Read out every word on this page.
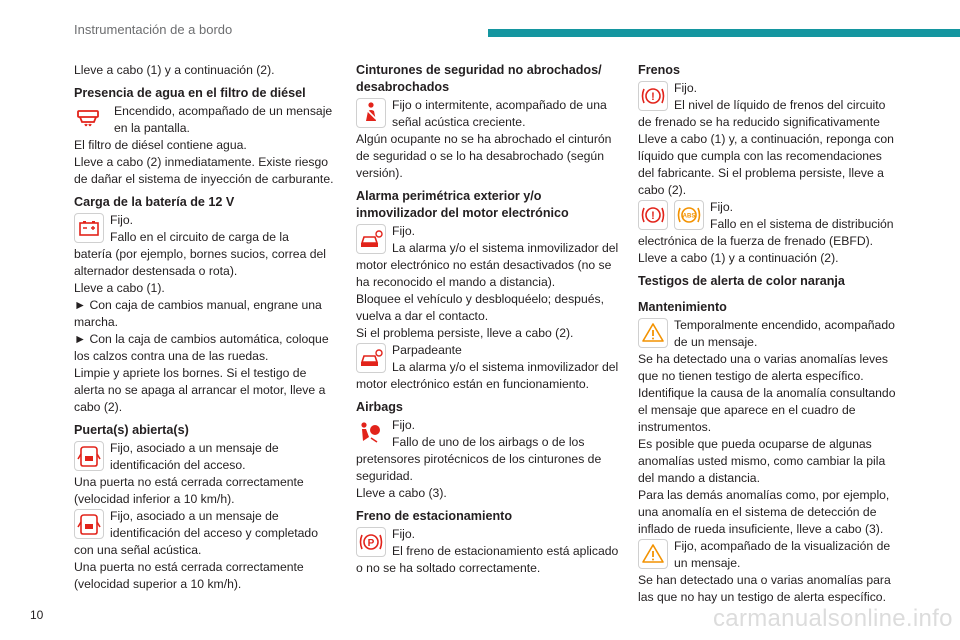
Instrumentación de a bordo

Lleve a cabo (1) y a continuación (2).

Presencia de agua en el filtro de diésel

Encendido, acompañado de un mensaje

en la pantalla.

El filtro de diésel contiene agua.

Lleve a cabo (2) inmediatamente. Existe riesgo

de dañar el sistema de inyección de carburante.

Carga de la batería de 12 V

Fijo.

Fallo en el circuito de carga de la

batería (por ejemplo, bornes sucios, correa del

alternador destensada o rota).

Lleve a cabo (1).

► Con caja de cambios manual, engrane una

marcha.

► Con la caja de cambios automática, coloque

los calzos contra una de las ruedas.

Limpie y apriete los bornes. Si el testigo de

alerta no se apaga al arrancar el motor, lleve a

cabo (2).

Puerta(s) abierta(s)

Fijo, asociado a un mensaje de

identificación del acceso.

Una puerta no está cerrada correctamente

(velocidad inferior a 10 km/h).

Fijo, asociado a un mensaje de

identificación del acceso y completado

con una señal acústica.

Una puerta no está cerrada correctamente

(velocidad superior a 10 km/h).

Cinturones de seguridad no abrochados/
desabrochados

Fijo o intermitente, acompañado de una

señal acústica creciente.

Algún ocupante no se ha abrochado el cinturón

de seguridad o se lo ha desabrochado (según

versión).

Alarma perimétrica exterior y/o
inmovilizador del motor electrónico

Fijo.

La alarma y/o el sistema inmovilizador del

motor electrónico no están desactivados (no se

ha reconocido el mando a distancia).

Bloquee el vehículo y desbloquéelo; después,

vuelva a dar el contacto.

Si el problema persiste, lleve a cabo (2).

Parpadeante

La alarma y/o el sistema inmovilizador del

motor electrónico están en funcionamiento.

Airbags

Fijo.

Fallo de uno de los airbags o de los

pretensores pirotécnicos de los cinturones de

seguridad.

Lleve a cabo (3).

Freno de estacionamiento
P

Fijo.

El freno de estacionamiento está aplicado

o no se ha soltado correctamente.

Frenos
!

Fijo.

El nivel de líquido de frenos del circuito

de frenado se ha reducido significativamente

Lleve a cabo (1) y, a continuación, reponga con

líquido que cumpla con las recomendaciones

del fabricante. Si el problema persiste, lleve a

cabo (2).

!	ABS

Fijo.

Fallo en el sistema de distribución

electrónica de la fuerza de frenado (EBFD).

Lleve a cabo (1) y a continuación (2).

Testigos de alerta de color naranja
Mantenimiento

Temporalmente encendido, acompañado

de un mensaje.

Se ha detectado una o varias anomalías leves

que no tienen testigo de alerta específico.

Identifique la causa de la anomalía consultando

el mensaje que aparece en el cuadro de

instrumentos.

Es posible que pueda ocuparse de algunas

anomalías usted mismo, como cambiar la pila

del mando a distancia.

Para las demás anomalías como, por ejemplo,

una anomalía en el sistema de detección de

inflado de rueda insuficiente, lleve a cabo (3).

Fijo, acompañado de la visualización de

un mensaje.

Se han detectado una o varias anomalías para

las que no hay un testigo de alerta específico.

10	carmanualsonline.info
